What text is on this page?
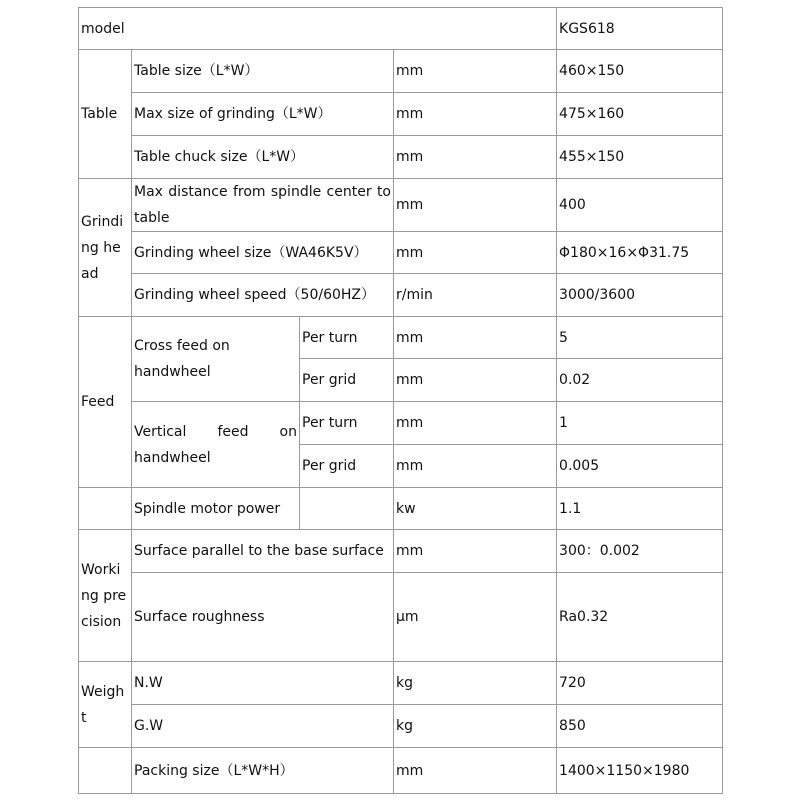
model				KGS618
Table	Table size（L*W）		mm	460×150
	Max size of grinding（L*W）		mm	475×160
	Table chuck size（L*W）		mm	455×150
Grinding head	Max distance from spindle center to table		mm	400
	Grinding wheel size（WA46K5V）		mm	Φ180×16×Φ31.75
	Grinding wheel speed（50/60HZ）		r/min	3000/3600
Feed	Cross feed on handwheel	Per turn	mm	5
		Per grid	mm	0.02
	Vertical feed on handwheel	Per turn	mm	1
		Per grid	mm	0.005
	Spindle motor power		kw	1.1
Working precision	Surface parallel to the base surface		mm	300：0.002
	Surface roughness		μm	Ra0.32
Weight	N.W		kg	720
	G.W		kg	850
	Packing size（L*W*H）		mm	1400×1150×1980
